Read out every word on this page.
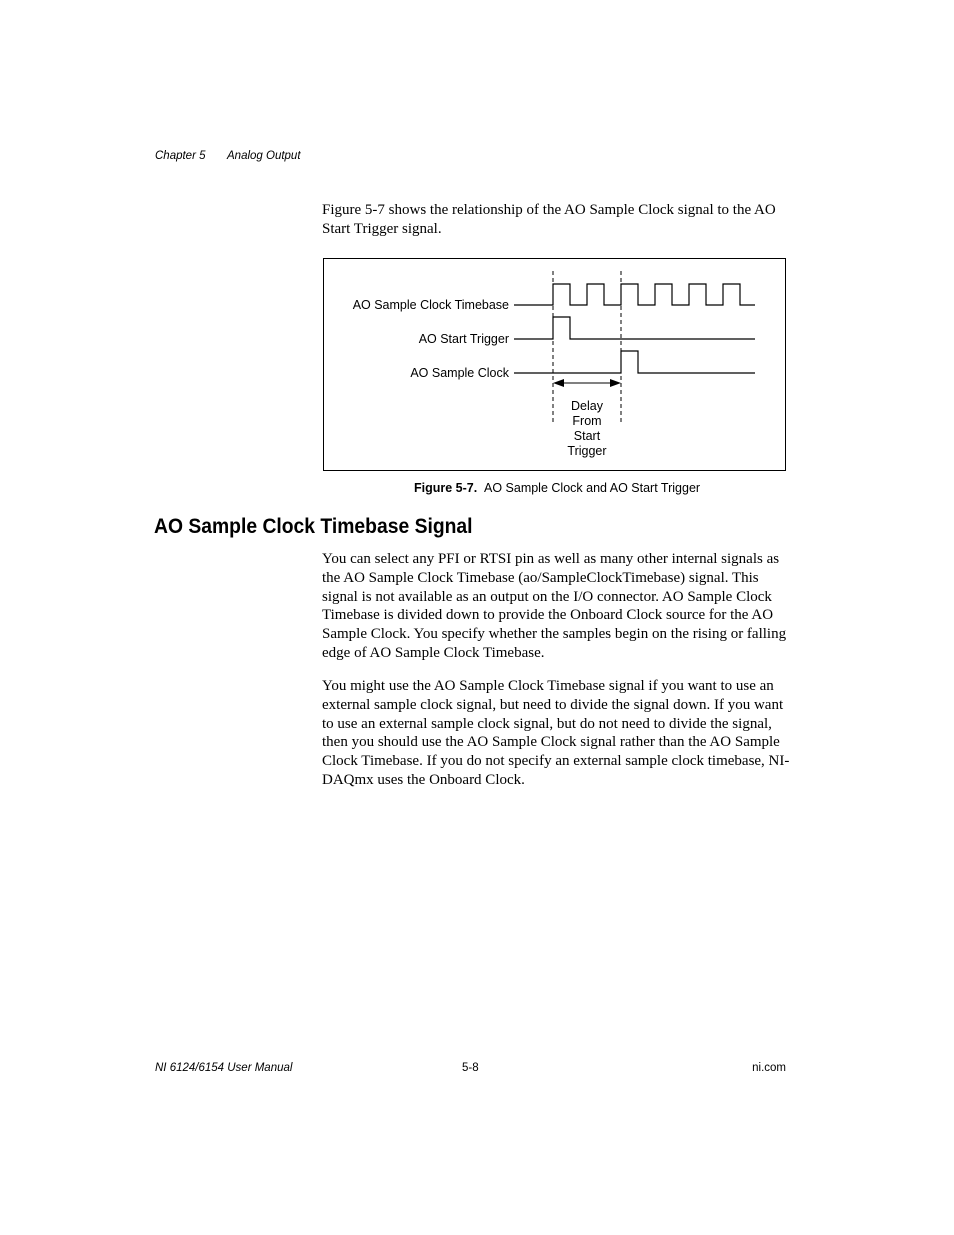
Chapter 5 Analog Output

Figure 5-7 shows the relationship of the AO Sample Clock signal to the AO Start Trigger signal.

AO Sample Clock Timebase
AO Start Trigger
AO Sample Clock
Delay
From
Start
Trigger
Figure 5-7. AO Sample Clock and AO Start Trigger
AO Sample Clock Timebase Signal

You can select any PFI or RTSI pin as well as many other internal signals as the AO Sample Clock Timebase (ao/SampleClockTimebase) signal. This signal is not available as an output on the I/O connector. AO Sample Clock Timebase is divided down to provide the Onboard Clock source for the AO Sample Clock. You specify whether the samples begin on the rising or falling edge of AO Sample Clock Timebase.

You might use the AO Sample Clock Timebase signal if you want to use an external sample clock signal, but need to divide the signal down. If you want to use an external sample clock signal, but do not need to divide the signal, then you should use the AO Sample Clock signal rather than the AO Sample Clock Timebase. If you do not specify an external sample clock timebase, NI-DAQmx uses the Onboard Clock.

NI 6124/6154 User Manual	5-8	ni.com
